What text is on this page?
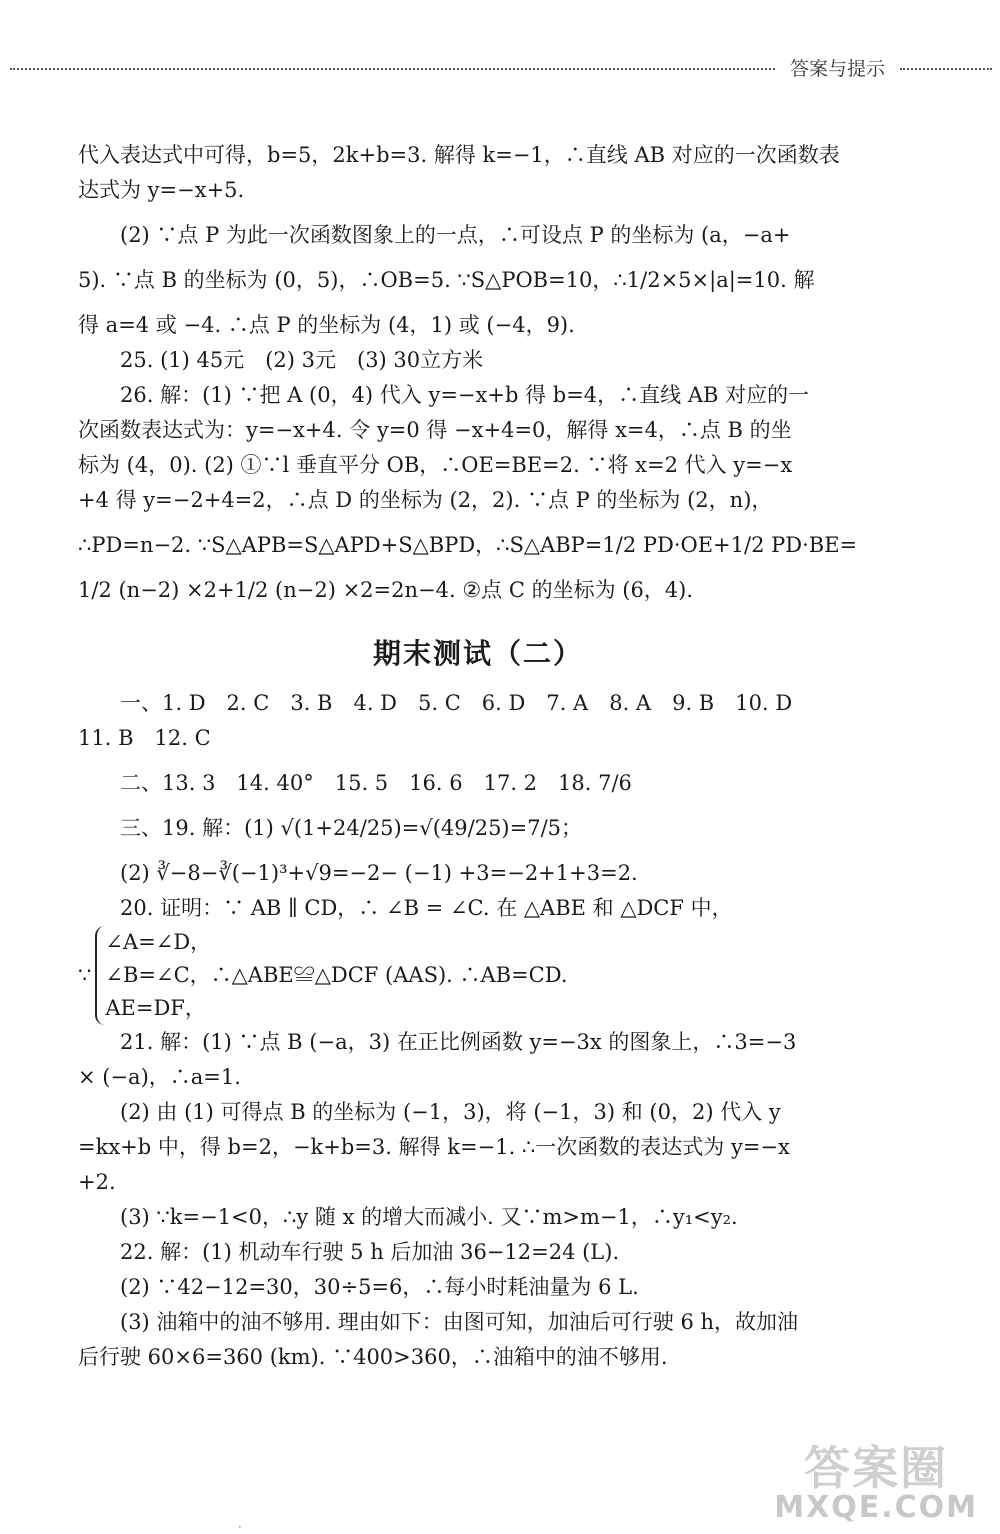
答案与提示
代入表达式中可得，b=5，2k+b=3. 解得 k=−1，∴直线 AB 对应的一次函数表
达式为 y=−x+5.
(2) ∵点 P 为此一次函数图象上的一点，∴可设点 P 的坐标为 (a，−a+
5). ∵点 B 的坐标为 (0，5)，∴OB=5. ∵S△POB=10，∴1/2×5×|a|=10. 解
得 a=4 或 −4. ∴点 P 的坐标为 (4，1) 或 (−4，9).
25. (1) 45元　(2) 3元　(3) 30立方米
26. 解：(1) ∵把 A (0，4) 代入 y=−x+b 得 b=4，∴直线 AB 对应的一
次函数表达式为：y=−x+4. 令 y=0 得 −x+4=0，解得 x=4，∴点 B 的坐
标为 (4，0). (2) ①∵l 垂直平分 OB，∴OE=BE=2. ∵将 x=2 代入 y=−x
+4 得 y=−2+4=2，∴点 D 的坐标为 (2，2). ∵点 P 的坐标为 (2，n)，
∴PD=n−2. ∵S△APB=S△APD+S△BPD，∴S△ABP=1/2 PD·OE+1/2 PD·BE=
1/2 (n−2) ×2+1/2 (n−2) ×2=2n−4. ②点 C 的坐标为 (6，4).
期末测试（二）
一、1. D　2. C　3. B　4. D　5. C　6. D　7. A　8. A　9. B　10. D
11. B　12. C
二、13. 3　14. 40°　15. 5　16. 6　17. 2　18. 7/6
三、19. 解：(1) √(1+24/25)=√(49/25)=7/5；
(2) ∛−8−∛(−1)³+√9=−2− (−1) +3=−2+1+3=2.
20. 证明：∵ AB ∥ CD，∴ ∠B = ∠C. 在 △ABE 和 △DCF 中，
∵
∠A=∠D，
∠B=∠C，∴△ABE≌△DCF (AAS). ∴AB=CD.
AE=DF，
21. 解：(1) ∵点 B (−a，3) 在正比例函数 y=−3x 的图象上，∴3=−3
× (−a)，∴a=1.
(2) 由 (1) 可得点 B 的坐标为 (−1，3)，将 (−1，3) 和 (0，2) 代入 y
=kx+b 中，得 b=2，−k+b=3. 解得 k=−1. ∴一次函数的表达式为 y=−x
+2.
(3) ∵k=−1<0，∴y 随 x 的增大而减小. 又∵m>m−1，∴y₁<y₂.
22. 解：(1) 机动车行驶 5 h 后加油 36−12=24 (L).
(2) ∵42−12=30，30÷5=6，∴每小时耗油量为 6 L.
(3) 油箱中的油不够用. 理由如下：由图可知，加油后可行驶 6 h，故加油
后行驶 60×6=360 (km). ∵400>360，∴油箱中的油不够用.
·
答案圈
MXQE.COM
